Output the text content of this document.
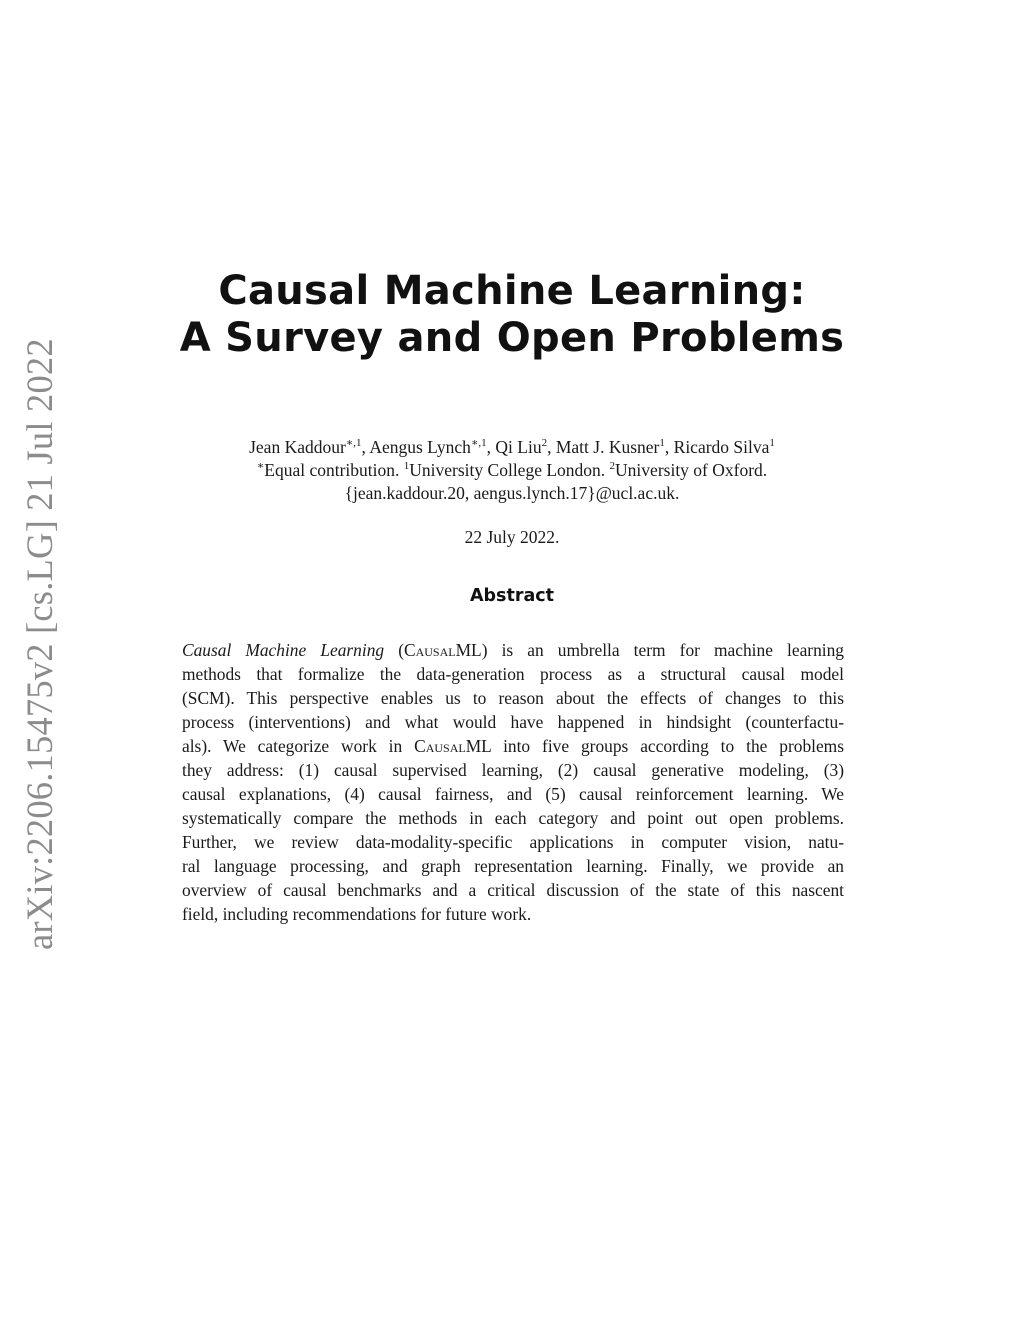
arXiv:2206.15475v2 [cs.LG] 21 Jul 2022
Causal Machine Learning:
A Survey and Open Problems
Jean Kaddour$^{∗,1}$, Aengus Lynch$^{∗,1}$, Qi Liu$^2$, Matt J. Kusner$^1$, Ricardo Silva$^1$
∗Equal contribution. $^1$University College London. $^2$University of Oxford.
{jean.kaddour.20, aengus.lynch.17}@ucl.ac.uk.
22 July 2022.
Abstract
Causal Machine Learning (CausalML) is an umbrella term for machine learning
methods that formalize the data-generation process as a structural causal model
(SCM). This perspective enables us to reason about the effects of changes to this
process (interventions) and what would have happened in hindsight (counterfactu-
als). We categorize work in CausalML into five groups according to the problems
they address: (1) causal supervised learning, (2) causal generative modeling, (3)
causal explanations, (4) causal fairness, and (5) causal reinforcement learning. We
systematically compare the methods in each category and point out open problems.
Further, we review data-modality-specific applications in computer vision, natu-
ral language processing, and graph representation learning. Finally, we provide an
overview of causal benchmarks and a critical discussion of the state of this nascent
field, including recommendations for future work.
